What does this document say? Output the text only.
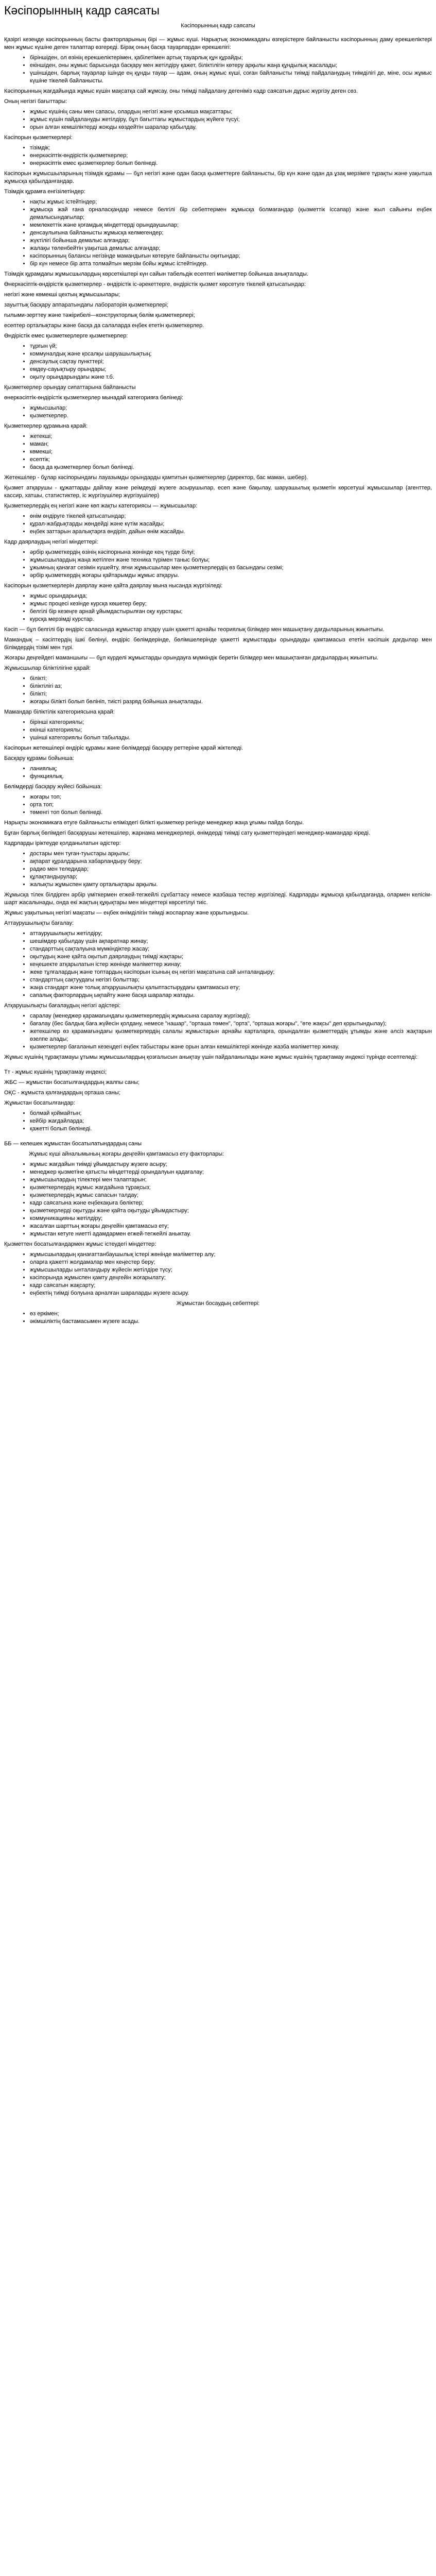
Кәсіпорынның кадр саясаты
Кәсіпорынның кадр саясаты

Қазіргі кезеңде кәсіпорынның басты факторларының бірі — жұмыс күші. Нарықтық экономикадағы өзгерістерге байланысты кәсіпорынның даму ерекшеліктері мен жұмыс күшіне деген талаптар өзгереді. Бірақ оның басқа тауарлардан ерекшелігі:

• біріншіден, ол өзінің ерекшеліктерімен, қабілетімен артық тауарлық құн құрайды;
• екіншіден, оны жұмыс барысында басқару мен жетілдіру қажет, біліктілігін көтеру арқылы жаңа құндылық жасалады;
• үшіншіден, барлық тауарлар ішінде ең құнды тауар — адам, оның жұмыс күші, соған байланысты тиімді пайдаланудың тиімділігі де, міне, осы жұмыс күшіне тікелей байланысты.

Кәсіпорынның жағдайында жұмыс күшін мақсатқа сай жұмсау, оны тиімді пайдалану дегеніміз кадр саясатын дұрыс жүргізу деген сөз.

Оның негізгі бағыттары:

• жұмыс күшінің саны мен сапасы, олардың негізгі және қосымша мақсаттары;
• жұмыс күшін пайдалануды жетілдіру, бұл бағыттағы жұмыстардың жүйеге түсуі;
• орын алған кемшіліктерді жоюды көздейтін шаралар қабылдау.

Кәсіпорын қызметкерлері:

• тізімдік;
• өнеркәсіптік-өндірістік қызметкерлер;
• өнеркәсіптік емес қызметкерлер болып бөлінеді.

Кәсіпорын жұмысшыларының тізімдік құрамы — бұл негізгі және одан басқа қызметтерге байланысты, бір күн және одан да ұзақ мерзімге тұрақты және уақытша жұмысқа қабылданғандар.

Тізімдік құрамға енгізілетіндер:

• нақты жұмыс істейтіндер;
• жұмысқа жай ғана орналасқандар немесе белгілі бір себептермен жұмысқа болмағандар (қызметтік іссапар) және жыл сайынғы еңбек демалысындағылар;
• мемлекеттік және қоғамдық міндеттерді орындаушылар;
• денсаулығына байланысты жұмысқа келмегендер;
• жүктілігі бойынша демалыс алғандар;
• жалақы төленбейтін уақытша демалыс алғандар;
• кәсіпорынның балансы негізінде мамандығын көтеруге байланысты оқитындар;
• бір күн немесе бір апта толмайтын мерзім бойы жұмыс істейтіндер.

Тізімдік құрамдағы жұмысшылардың көрсеткіштері күн сайын табельдік есептегі мәліметтер бойынша анықталады.

Өнеркәсіптік-өндірістік қызметкерлер - өндірістік іс-әрекеттерге, өндірістік қызмет көрсетуге тікелей қатысатындар:

негізгі және көмекші цехтың жұмысшылары;

зауыттық басқару аппаратындағы лабораторія қызметкерлері;

ғылыми-зерттеу және тәжірибелі—конструкторлық бөлім қызметкерлері;

есептер орталықтары және басқа да салаларда еңбек ететін қызметкерлер.

Өндірістік емес қызметкерлерге қызметкерлер:

• тұрғын үй;
• коммуналдық және қосалқы шаруашылықтың;
• денсаулық сақтау пункттері;
• емдеу-сауықтыру орындары;
• оқыту орындарындағы және т.б.

Қызметкерлер орындау сипаттарына байланысты

өнеркәсіптік-өндірістік қызметкерлер мынадай категорияға бөлінеді:

• жұмысшылар;
• қызметкерлер.

Қызметкерлер құрамына қарай:

• жетекші;
• маман;
• көмекші;
• есептік;
• басқа да қызметкерлер болып бөлінеді.

Жетекшілер - бұлар кәсіпорындағы лауазымды орындарды қамтитын қызметкерлер (директор, бас маман, шебер).

Қызмет атқарушы - құжаттарды дайлау және реімдеуді жүзеге асырушылар, есеп және бақылау, шаруашылық қызметін көрсетуші жұмысшылар (агенттер, кассир, хатшы, статистиктер, іс жүргізушілер жүргізушілер)

Қызметкерлердің ең негізгі және көп жақты категориясы — жұмысшылар:

• өнім өндіруге тікелей қатысатындар;
• құрал-жабдықтарды жөндейді және күтім жасайды;
• еңбек заттарын аралықтарға өндіріп, дайын өнім жасайды.

Кадр даярлаудың негізгі міндеттері:

• әрбір қызметкердің өзінің кәсіпорнына жөнінде кең түрде білуі;
• жұмысшылардың жаңа жетілген және техника түрімен таныс болуы;
• ұжымның қанағат сезімін күшейту, яғни жұмысшылар мен қызметкерлердің өз басындағы сезімі;
• әрбір қызметкердің жоғары қайтарымды жұмыс атқаруы.

Кәсіпорын қызметкерлерін даярлау және қайта даярлау мына нысанда жүргізіледі:

• жұмыс орындарында;
• жұмыс процесі кезінде курсқа көшетер беру;
• белгілі бір кезеңге арнай ұйымдастырылған оқу курстары;
• курсқа мерзімді курстар.

Кәсіп — бұл белгілі бір өндіріс саласында жұмыстар атқару үшін қажетті арнайы теориялық білімдер мен машықтану дағдыларының жиынтығы.

Мамандық – кәсіптердің ішкі бөлінуі, өндіріс бөлімдерінде, бөлімшелерінде қажетті жұмыстарды орындауды қамтамасыз ететін кәсіпшік дағдылар мен білімдердің тізімі мен түрі.

Жоғары деңгейдегі маманшығы — бұл күрделі жұмыстарды орындауға мүмкіндік беретін білімдер мен машықтанған дағдылардың жиынтығы.

Жұмысшылар біліктілігіне қарай:

• білікті;
• біліктілігі аз;
• білікті;
• жоғары білікті болып бөлініп, тиісті разряд бойынша анықталады.

Мамандар біліктілік категориясына қарай:

• бірінші категориялы;
• екінші категориялы;
• үшінші категориялы болып табылады.

Кәсіпорын жетекшілері өндіріс құрамы және бөлімдерді басқару реттеріне қарай жіктеледі.

Басқару құрамы бойынша:

• ланиялық;
• функциялық.

Бөлімдерді басқару жүйесі бойынша:

• жоғары топ;
• орта топ;
• төменгі топ болып бөлінеді.

Нарықты экономикаға өтуге байланысты еліміздегі білікті қызметкер регінде менеджер жаңа ұғымы пайда болды.

Бұған барлық бөлімдегі басқарушы жетекшілер, жарнама менеджерлері, өнімдерді тиімді сату қызметтеріндегі менеджер-мамандар кіреді.

Кадрларды іріктеуде қолданылатын әдістер:

• достары мен туған-туыстары арқылы;
• ақпарат құралдарына хабарландыру беру;
• радио мен теледидар;
• құлақтандырулар;
• жалықты жұмыспен қамту орталықтары арқылы.

Жұмысқа тілек білдірген әрбір үміткермен егжей-тегжейлі сұхбаттасу немесе жазбаша тестер жүргізіледі. Кадрларды жұмысқа қабылдағанда, олармен келісім-шарт жасалынады, онда екі жақтың құқықтары мен міндеттері көрсетілуі тиіс.

Жұмыс уақытының негізгі мақсаты — еңбек өнімділігін тиімді жоспарлау және қорытындысы.

Аттаурушылықты бағалау:

• аттаурушылықты жетілдіру;
• шешімдер қабылдау үшін ақпаратнар жинау;
• стандарттың сақталуына мүмкіндіктер жасау;
• оқытудың және қайта оқытып даярлаудың тиімді жақтары;
• кеңешекте атқарылатын істер жөнінде мәліметтер жинау;
• жеке тұлғалардың және топтардың кәсіпорын ісының ең негізгі мақсатына сай ынталандыру;
• стандарттың сақтуудағы негізгі болыттар;
• жаңа стандарт және толық атқарушылықты қалыптастырудағы қамтамасыз ету;
• сапалық факторлардың ықпайту және басқа шаралар жатады.

Атқарушылықты бағалаудың негізгі әдістері:

• саралау (менеджер қарамағындағы қызметкерлердің жұмысына саралау жүргізеді);
• бағалау (бес балдық баға жүйесін қолдану, немесе "нашар", "орташа төмен", "орта", "орташа жоғары", "өте жақсы" деп қорытындылау);
• жетекшілер өз қарамағындағы қызметкерлердің салалы жұмыстарын арнайы карталарға, орындалған қызметтердің ұтымды және әлсіз жақтарын өзелпе алады;
• қызметкерлер бағаланып кезеңдегі еңбек табыстары және орын алған кемшіліктері жөнінде жазба мәліметтер жинау.

Жұмыс күшінің тұрақтамауы ұтымы жұмысшылардың қозғалысын анықтау үшін пайдаланылады және жұмыс күшінің тұрақтамау индексі түрінде есептеледі:

Тт - жұмыс күшінің тұрақтамау индексі;

ЖБС — жұмыстан босатылғандардың жалпы саны;

ОҚС - жұмыста қалғандардың орташа саны;

Жұмыстан босатылғандар:

• болмай қоймайтын;
• кейбір жағдайларда;
• қажетті болып бөлінеді.

ББ — келешек жұмыстан босатылатындардың саны

Жұмыс күші айналымының жоғары деңгейін қамтамасыз ету факторлары:

• жұмыс жағдайын тиімді ұйымдастыру жүзеге асыру;
• менеджер қызметіне қатысты міндеттерді орындалуын қадағалау;
• жұмысшылардың тілектері мен талаптарын;
• қызметкерлердің жұмыс жағдайына тұрақсыз;
• қызметкерлердің жұмыс сапасын талдау;
• кадр саясатына және еңбекақыға бөліктер;
• қызметкерлерді оқытуды және қайта оқытуды ұйымдастыру;
• коммуникацияны жетілдіру;
• жасалған шарттың жоғары деңгейін қамтамасыз ету;
• жұмыстан кетуге ниетті адамдармен егжей-тегжейлі аныктау.

Қызметтен босатылғандармен жұмыс істеудегі міндеттер:

• жұмысшылардың қанағаттанбаушылық істері жөнінде мәліметтер алу;
• оларға қажетті жолдамалар мен кеңестер беру;
• жұмысшыларды ынталандыру жүйесін жетілдіре түсу;
• кәсіпорында жұмыспен қамту деңгейін жоғарылату;
• кадр саясатын жақсарту;
• еңбектің тиімді болуына арналған шараларды жүзеге асыру.

Жұмыстан босаудың себептері:

• өз еркімен;
• әкімшіліктің бастамасымен жүзеге асады.
